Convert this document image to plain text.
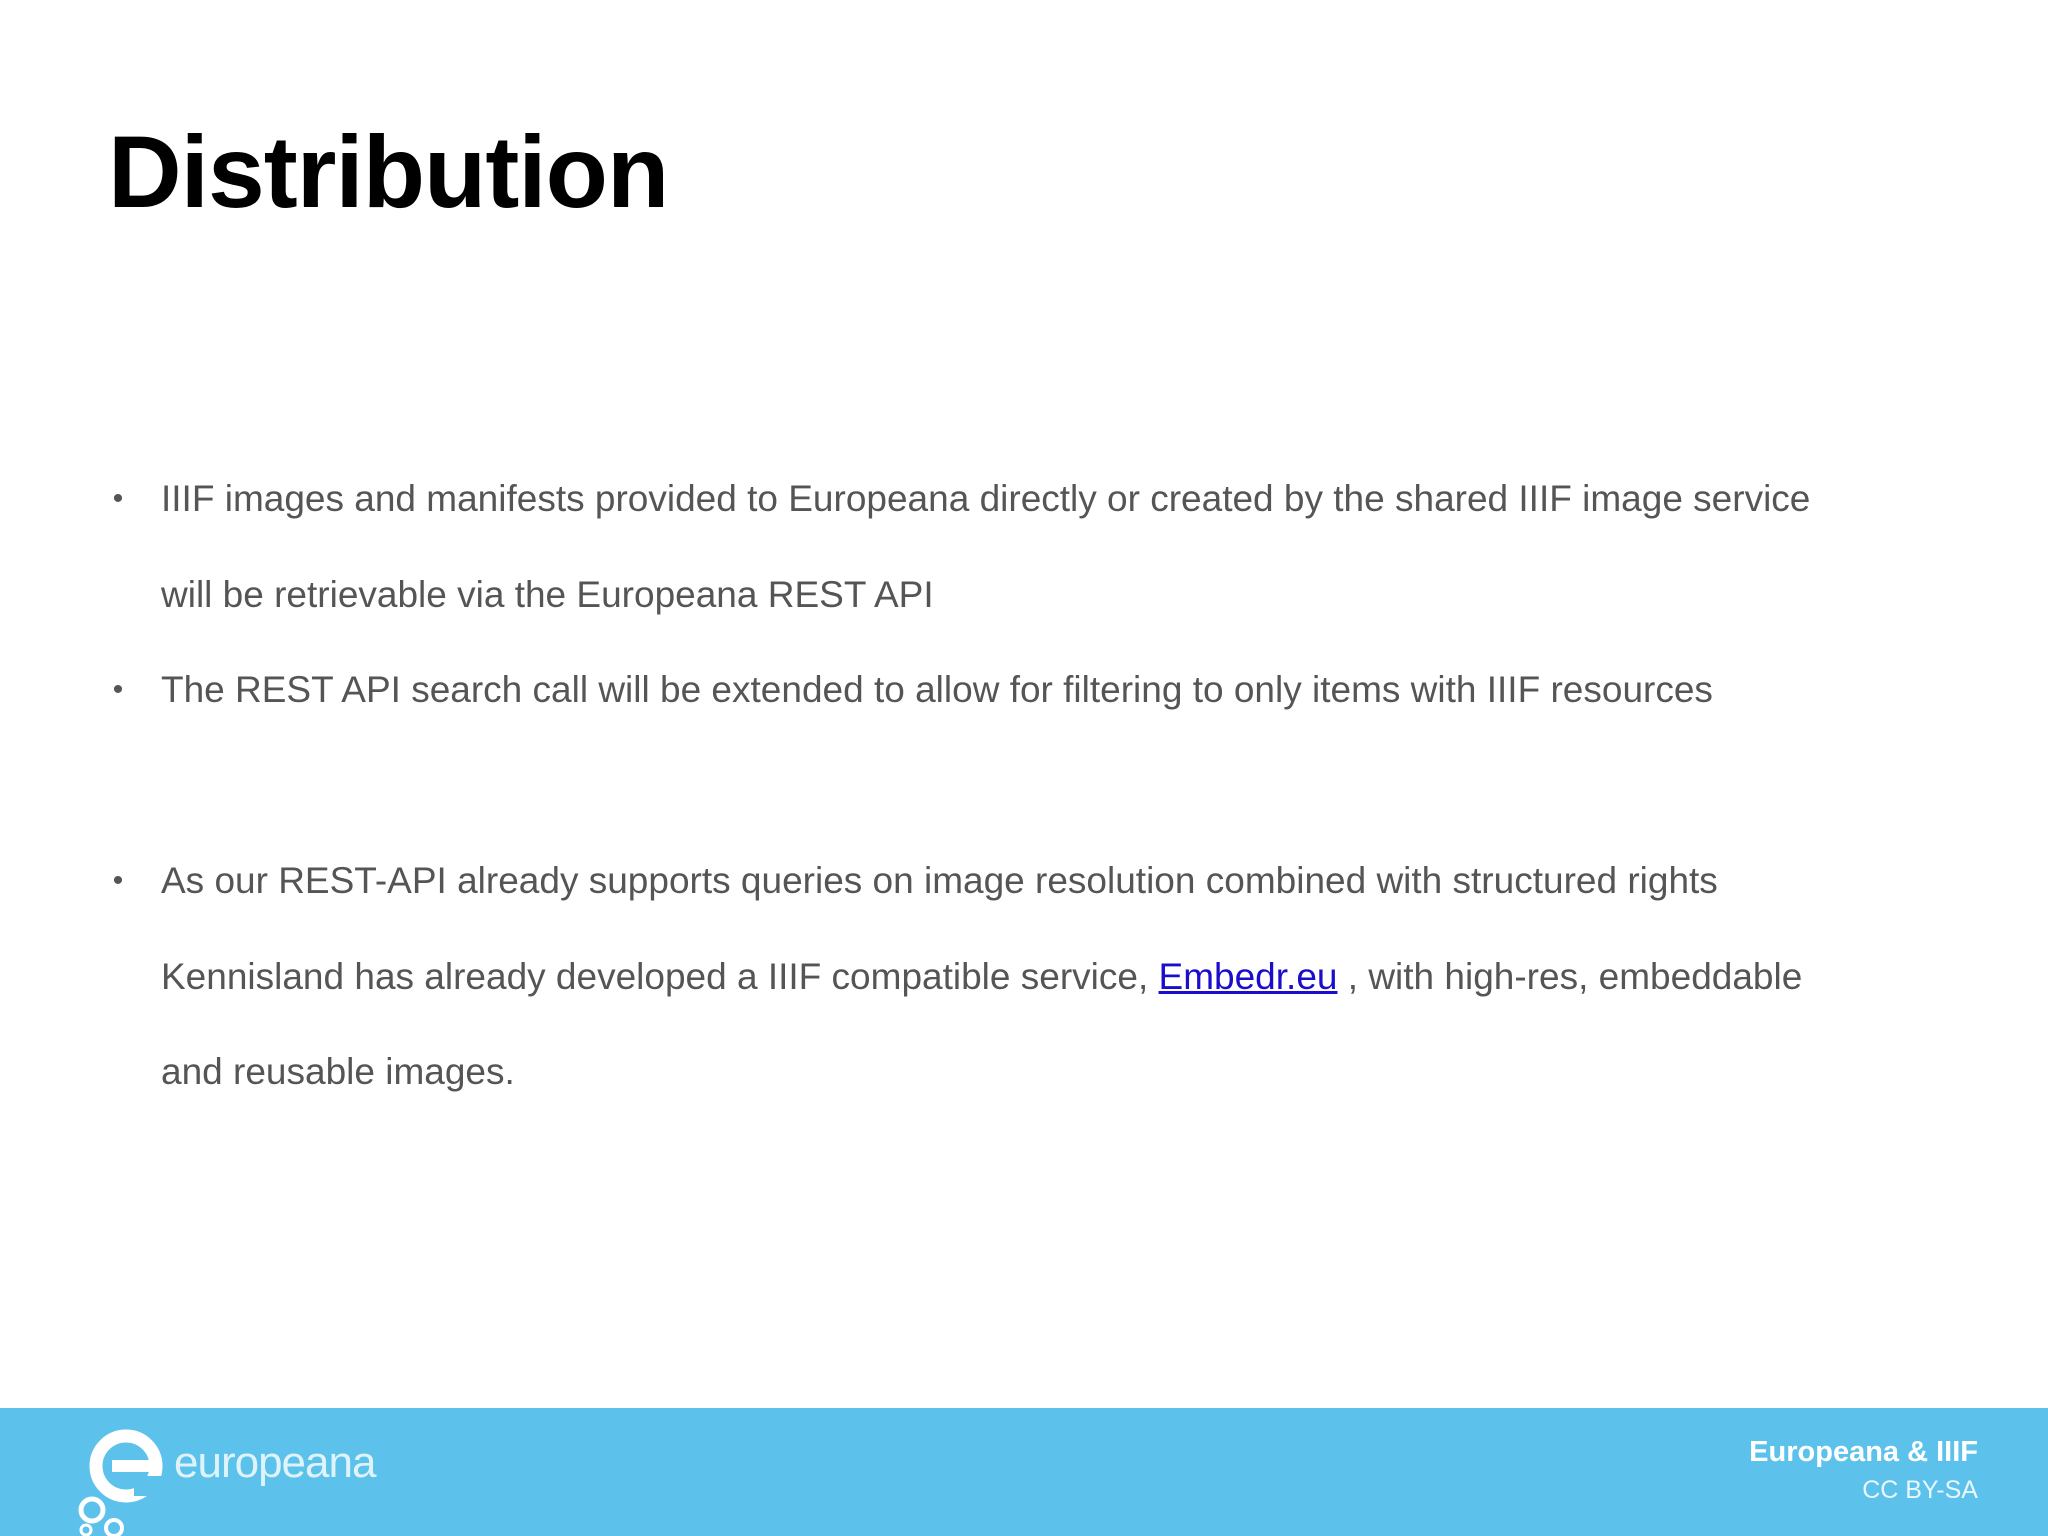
Distribution
• IIIF images and manifests provided to Europeana directly or created by the shared IIIF image service
will be retrievable via the Europeana REST API
• The REST API search call will be extended to allow for filtering to only items with IIIF resources
• As our REST-API already supports queries on image resolution combined with structured rights
Kennisland has already developed a IIIF compatible service, Embedr.eu , with high-res, embeddable
and reusable images.
europeana	Europeana & IIIF
CC BY-SA
